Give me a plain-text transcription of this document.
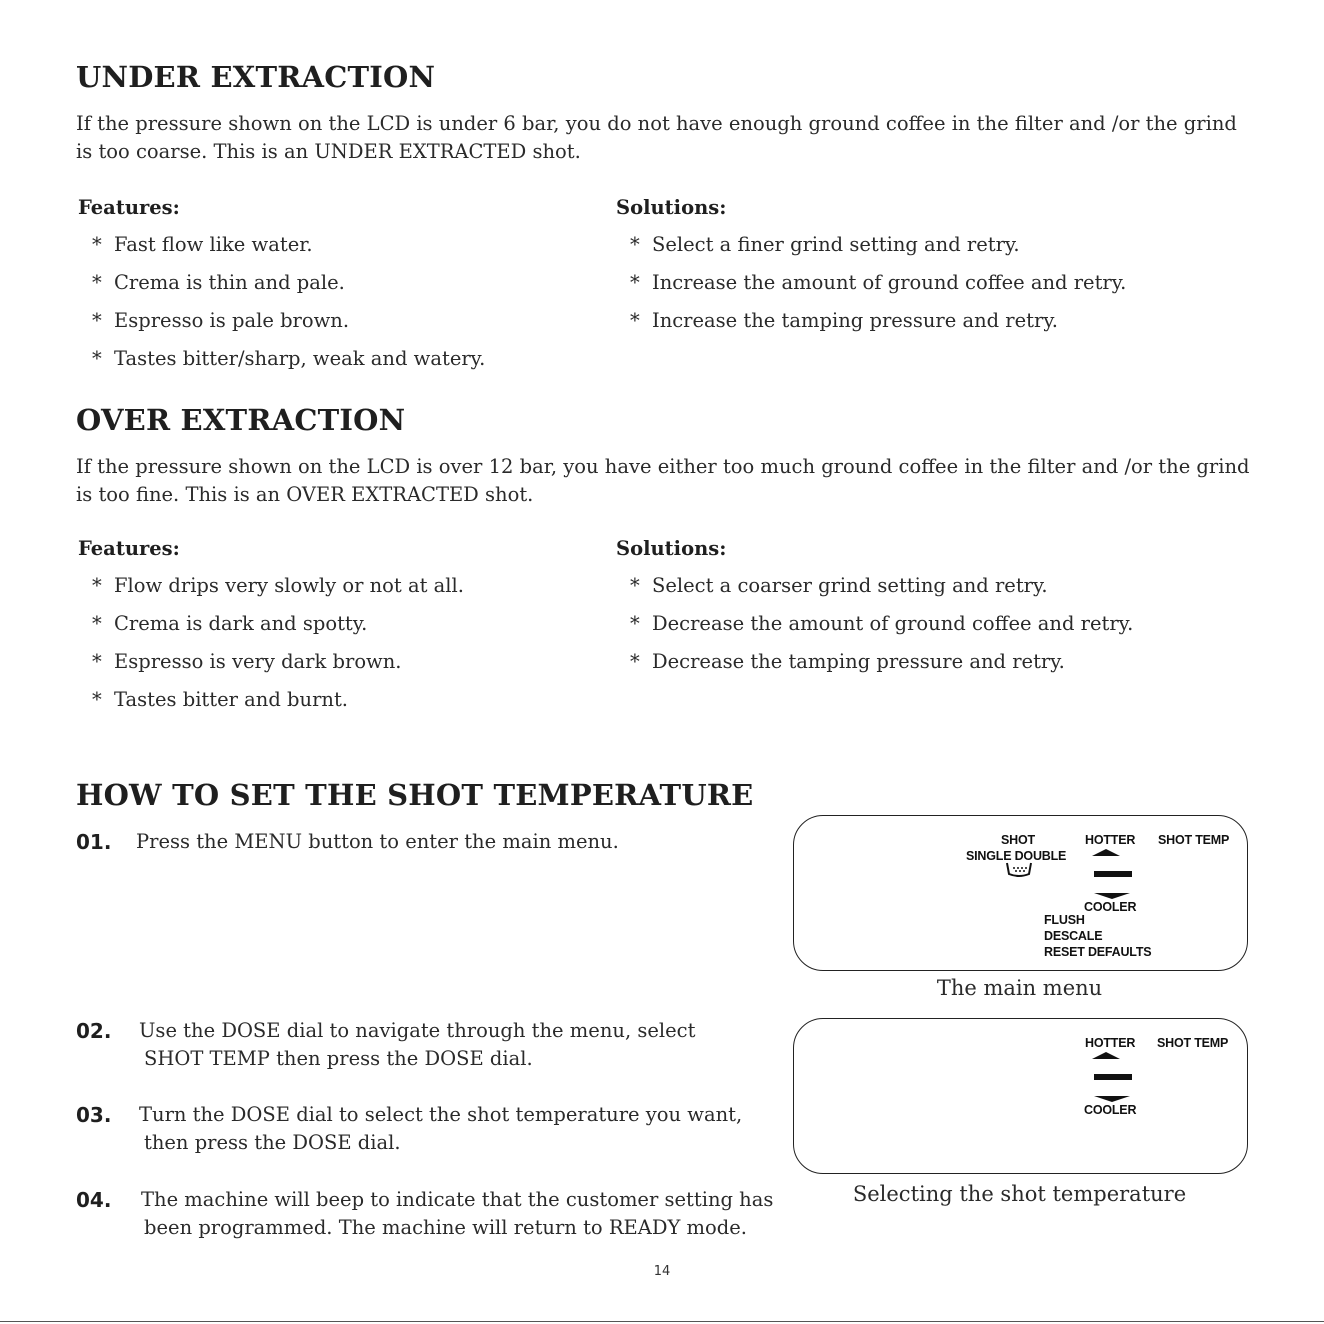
UNDER EXTRACTION

If the pressure shown on the LCD is under 6 bar, you do not have enough ground coffee in the filter and /or the grind is too coarse. This is an UNDER EXTRACTED shot.

Features:
* Fast flow like water.
* Crema is thin and pale.
* Espresso is pale brown.
* Tastes bitter/sharp, weak and watery.
Solutions:
* Select a finer grind setting and retry.
* Increase the amount of ground coffee and retry.
* Increase the tamping pressure and retry.
OVER EXTRACTION

If the pressure shown on the LCD is over 12 bar, you have either too much ground coffee in the filter and /or the grind is too fine. This is an OVER EXTRACTED shot.

Features:
* Flow drips very slowly or not at all.
* Crema is dark and spotty.
* Espresso is very dark brown.
* Tastes bitter and burnt.
Solutions:
* Select a coarser grind setting and retry.
* Decrease the amount of ground coffee and retry.
* Decrease the tamping pressure and retry.
HOW TO SET THE SHOT TEMPERATURE
01. Press the MENU button to enter the main menu.
02. Use the DOSE dial to navigate through the menu, select
SHOT TEMP then press the DOSE dial.
03. Turn the DOSE dial to select the shot temperature you want,
then press the DOSE dial.
04. The machine will beep to indicate that the customer setting has
been programmed. The machine will return to READY mode.
SHOT
SINGLE DOUBLE
HOTTER SHOT TEMP
COOLER
FLUSH
DESCALE
RESET DEFAULTS
The main menu
HOTTER SHOT TEMP
COOLER
Selecting the shot temperature
14
